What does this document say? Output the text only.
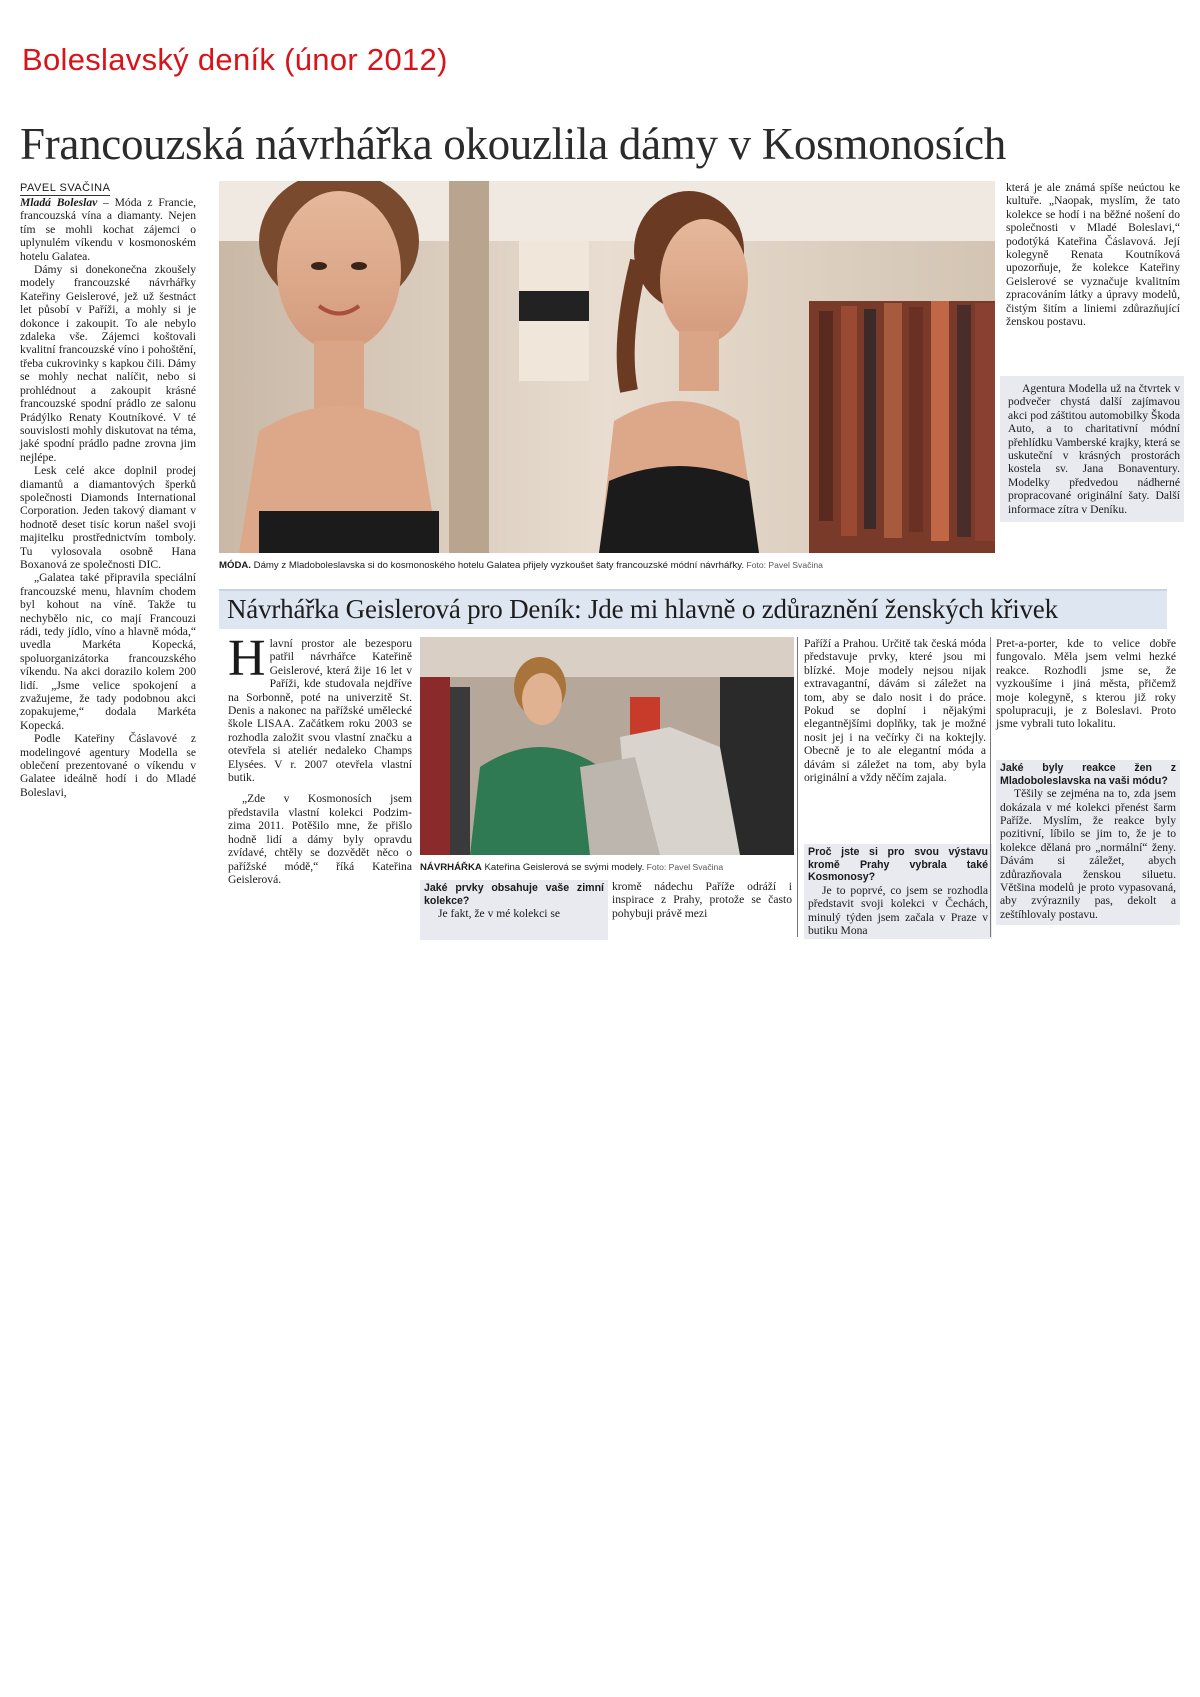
Boleslavský deník (únor 2012)
Francouzská návrhářka okouzlila dámy v Kosmonosích
PAVEL SVAČINA

Mladá Boleslav – Móda z Francie, francouzská vína a diamanty. Nejen tím se mohli kochat zájemci o uplynulém víkendu v kosmonoském hotelu Galatea.

Dámy si donekonečna zkoušely modely francouzské návrhářky Kateřiny Geislerové, jež už šestnáct let působí v Paříži, a mohly si je dokonce i zakoupit. To ale nebylo zdaleka vše. Zájemci koštovali kvalitní francouzské víno i pohoštění, třeba cukrovinky s kapkou čili. Dámy se mohly nechat nalíčit, nebo si prohlédnout a zakoupit krásné francouzské spodní prádlo ze salonu Prádýlko Renaty Koutníkové. V té souvislosti mohly diskutovat na téma, jaké spodní prádlo padne zrovna jim nejlépe.

Lesk celé akce doplnil prodej diamantů a diamantových šperků společnosti Diamonds International Corporation. Jeden takový diamant v hodnotě deset tisíc korun našel svoji majitelku prostřednictvím tomboly. Tu vylosovala osobně Hana Boxanová ze společnosti DIC.

„Galatea také připravila speciální francouzské menu, hlavním chodem byl kohout na víně. Takže tu nechybělo nic, co mají Francouzi rádi, tedy jídlo, víno a hlavně móda,“ uvedla Markéta Kopecká, spoluorganizátorka francouzského víkendu. Na akci dorazilo kolem 200 lidí. „Jsme velice spokojení a zvažujeme, že tady podobnou akci zopakujeme,“ dodala Markéta Kopecká.

Podle Kateřiny Čáslavové z modelingové agentury Modella se oblečení prezentované o víkendu v Galatee ideálně hodí i do Mladé Boleslavi,

MÓDA. Dámy z Mladoboleslavska si do kosmonoského hotelu Galatea přijely vyzkoušet šaty francouzské módní návrhářky. Foto: Pavel Svačina

která je ale známá spíše neúctou ke kultuře. „Naopak, myslím, že tato kolekce se hodí i na běžné nošení do společnosti v Mladé Boleslavi,“ podotýká Kateřina Čáslavová. Její kolegyně Renata Koutníková upozorňuje, že kolekce Kateřiny Geislerové se vyznačuje kvalitním zpracováním látky a úpravy modelů, čistým šitím a liniemi zdůrazňující ženskou postavu.

Agentura Modella už na čtvrtek v podvečer chystá další zajímavou akci pod záštitou automobilky Škoda Auto, a to charitativní módní přehlídku Vamberské krajky, která se uskuteční v krásných prostorách kostela sv. Jana Bonaventury. Modelky předvedou nádherné propracované originální šaty. Další informace zítra v Deníku.

Návrhářka Geislerová pro Deník: Jde mi hlavně o zdůraznění ženských křivek

Hlavní prostor ale bezesporu patřil návrhářce Kateřině Geislerové, která žije 16 let v Paříži, kde studovala nejdříve na Sorbonně, poté na univerzitě St. Denis a nakonec na pařížské umělecké škole LISAA. Začátkem roku 2003 se rozhodla založit svou vlastní značku a otevřela si ateliér nedaleko Champs Elysées. V r. 2007 otevřela vlastní butik.

„Zde v Kosmonosích jsem představila vlastní kolekci Podzim-zima 2011. Potěšilo mne, že přišlo hodně lidí a dámy byly opravdu zvídavé, chtěly se dozvědět něco o pařížské módě,“ říká Kateřina Geislerová.

NÁVRHÁŘKA Kateřina Geislerová se svými modely. Foto: Pavel Svačina

Jaké prvky obsahuje vaše zimní kolekce?

Je fakt, že v mé kolekci se

kromě nádechu Paříže odráží i inspirace z Prahy, protože se často pohybuji právě mezi

Paříží a Prahou. Určitě tak česká móda představuje prvky, které jsou mi blízké. Moje modely nejsou nijak extravagantní, dávám si záležet na tom, aby se dalo nosit i do práce. Pokud se doplní i nějakými elegantnějšími doplňky, tak je možné nosit jej i na večírky či na koktejly. Obecně je to ale elegantní móda a dávám si záležet na tom, aby byla originální a vždy něčím zajala.

Proč jste si pro svou výstavu kromě Prahy vybrala také Kosmonosy?

Je to poprvé, co jsem se rozhodla představit svoji kolekci v Čechách, minulý týden jsem začala v Praze v butiku Mona

Pret-a-porter, kde to velice dobře fungovalo. Měla jsem velmi hezké reakce. Rozhodli jsme se, že vyzkoušíme i jiná města, přičemž moje kolegyně, s kterou již roky spolupracuji, je z Boleslavi. Proto jsme vybrali tuto lokalitu.

Jaké byly reakce žen z Mladoboleslavska na vaši módu?

Těšily se zejména na to, zda jsem dokázala v mé kolekci přenést šarm Paříže. Myslím, že reakce byly pozitivní, líbilo se jim to, že je to kolekce dělaná pro „normální“ ženy. Dávám si záležet, abych zdůrazňovala ženskou siluetu. Většina modelů je proto vypasovaná, aby zvýraznily pas, dekolt a zeštíhlovaly postavu.
